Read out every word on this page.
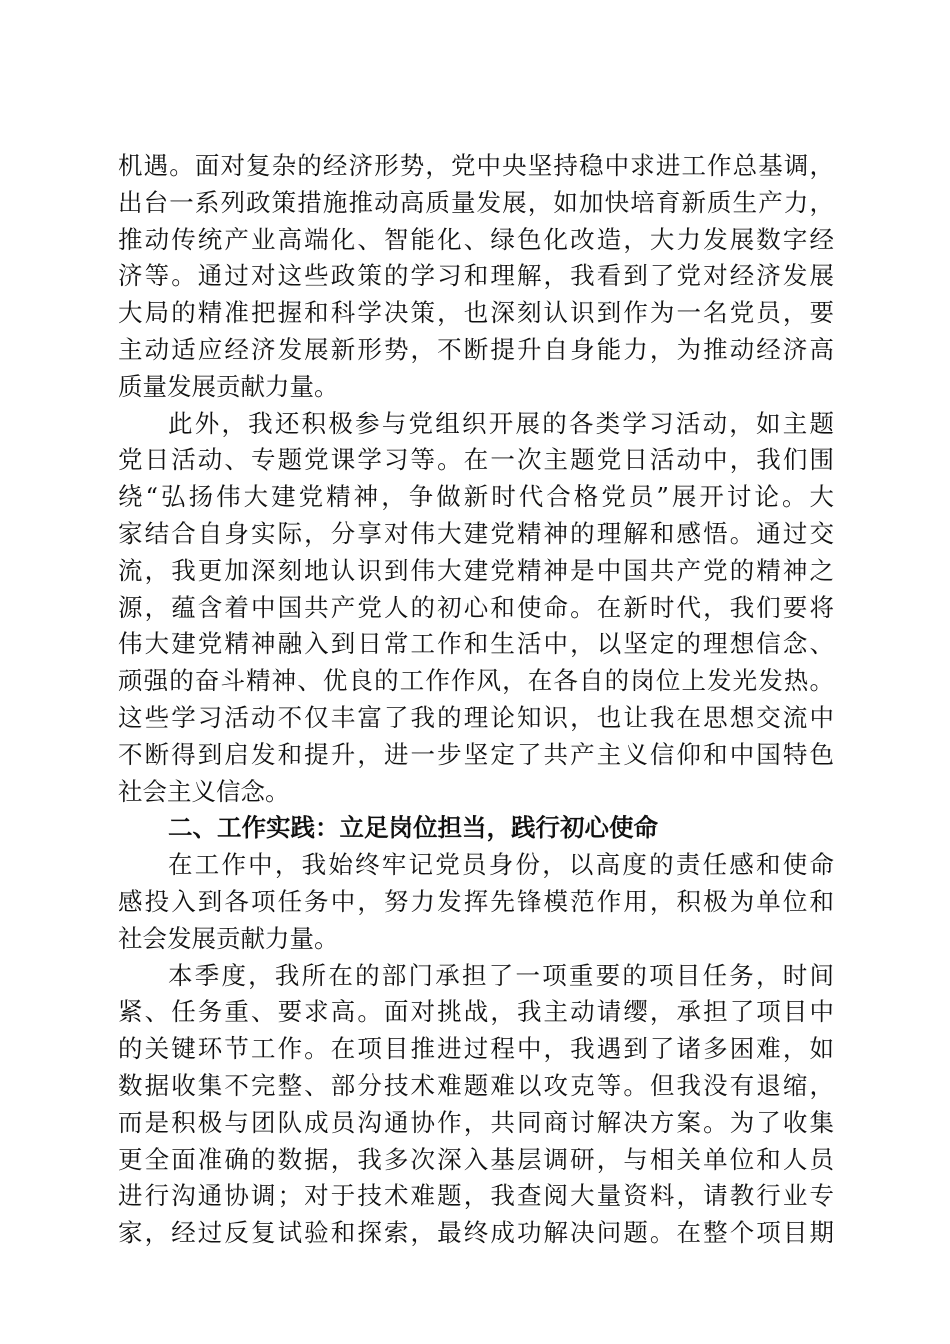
机遇。面对复杂的经济形势，党中央坚持稳中求进工作总基调，
出台一系列政策措施推动高质量发展，如加快培育新质生产力，
推动传统产业高端化、智能化、绿色化改造，大力发展数字经
济等。通过对这些政策的学习和理解，我看到了党对经济发展
大局的精准把握和科学决策，也深刻认识到作为一名党员，要
主动适应经济发展新形势，不断提升自身能力，为推动经济高
质量发展贡献力量。
此外，我还积极参与党组织开展的各类学习活动，如主题
党日活动、专题党课学习等。在一次主题党日活动中，我们围
绕“弘扬伟大建党精神，争做新时代合格党员”展开讨论。大
家结合自身实际，分享对伟大建党精神的理解和感悟。通过交
流，我更加深刻地认识到伟大建党精神是中国共产党的精神之
源，蕴含着中国共产党人的初心和使命。在新时代，我们要将
伟大建党精神融入到日常工作和生活中，以坚定的理想信念、
顽强的奋斗精神、优良的工作作风，在各自的岗位上发光发热。
这些学习活动不仅丰富了我的理论知识，也让我在思想交流中
不断得到启发和提升，进一步坚定了共产主义信仰和中国特色
社会主义信念。
二、工作实践：立足岗位担当，践行初心使命
在工作中，我始终牢记党员身份，以高度的责任感和使命
感投入到各项任务中，努力发挥先锋模范作用，积极为单位和
社会发展贡献力量。
本季度，我所在的部门承担了一项重要的项目任务，时间
紧、任务重、要求高。面对挑战，我主动请缨，承担了项目中
的关键环节工作。在项目推进过程中，我遇到了诸多困难，如
数据收集不完整、部分技术难题难以攻克等。但我没有退缩，
而是积极与团队成员沟通协作，共同商讨解决方案。为了收集
更全面准确的数据，我多次深入基层调研，与相关单位和人员
进行沟通协调；对于技术难题，我查阅大量资料，请教行业专
家，经过反复试验和探索，最终成功解决问题。在整个项目期
